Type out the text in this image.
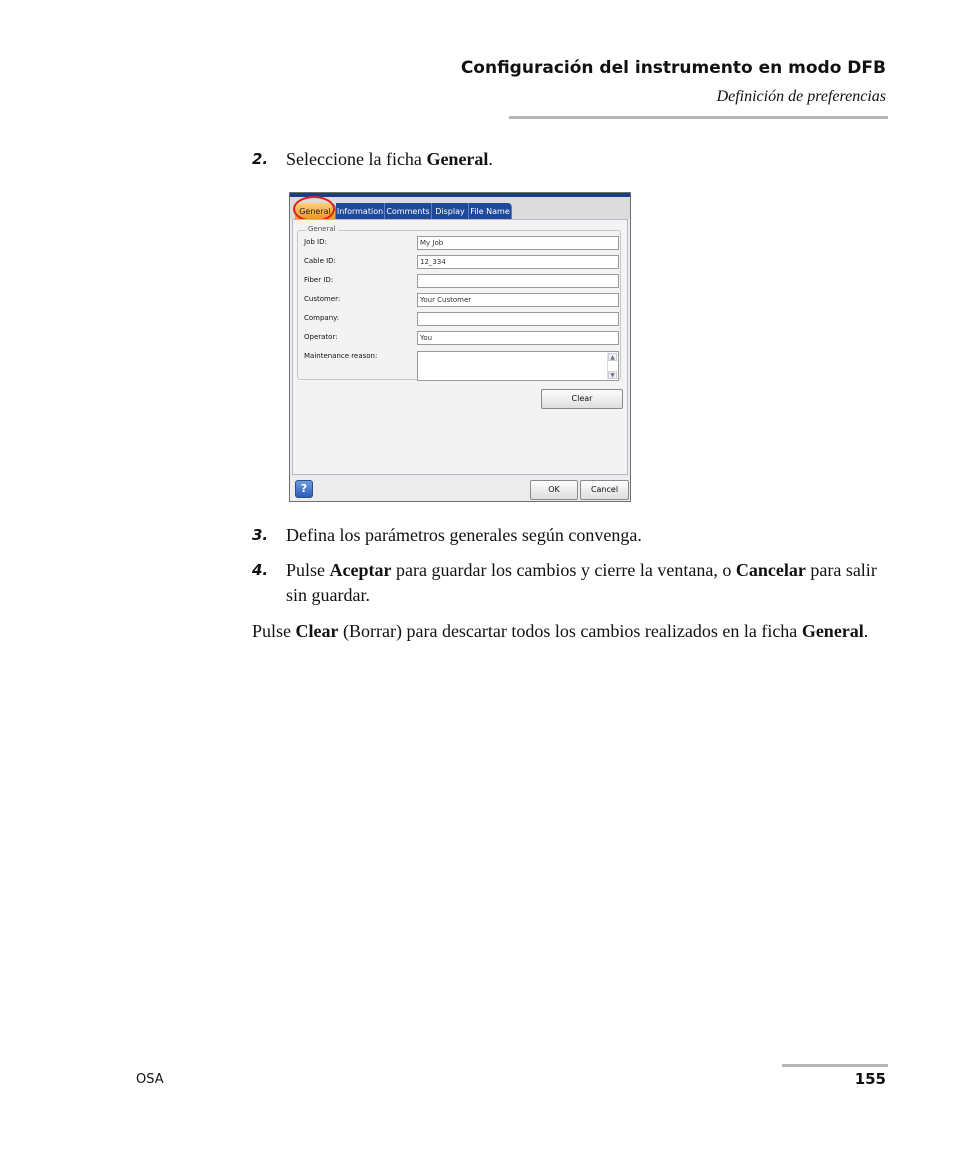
Configuración del instrumento en modo DFB
Definición de preferencias
2. Seleccione la ficha General.
General Information Comments Display File Name
General
Job ID:	My Job
Cable ID:	12_334
Fiber ID:
Customer:	Your Customer
Company:
Operator:	You
Maintenance reason:	▲
▼
Clear
?	OK	Cancel
3. Defina los parámetros generales según convenga.
4. Pulse Aceptar para guardar los cambios y cierre la ventana, o Cancelar para salir sin guardar.
Pulse Clear (Borrar) para descartar todos los cambios realizados en la ficha General.
OSA	155
